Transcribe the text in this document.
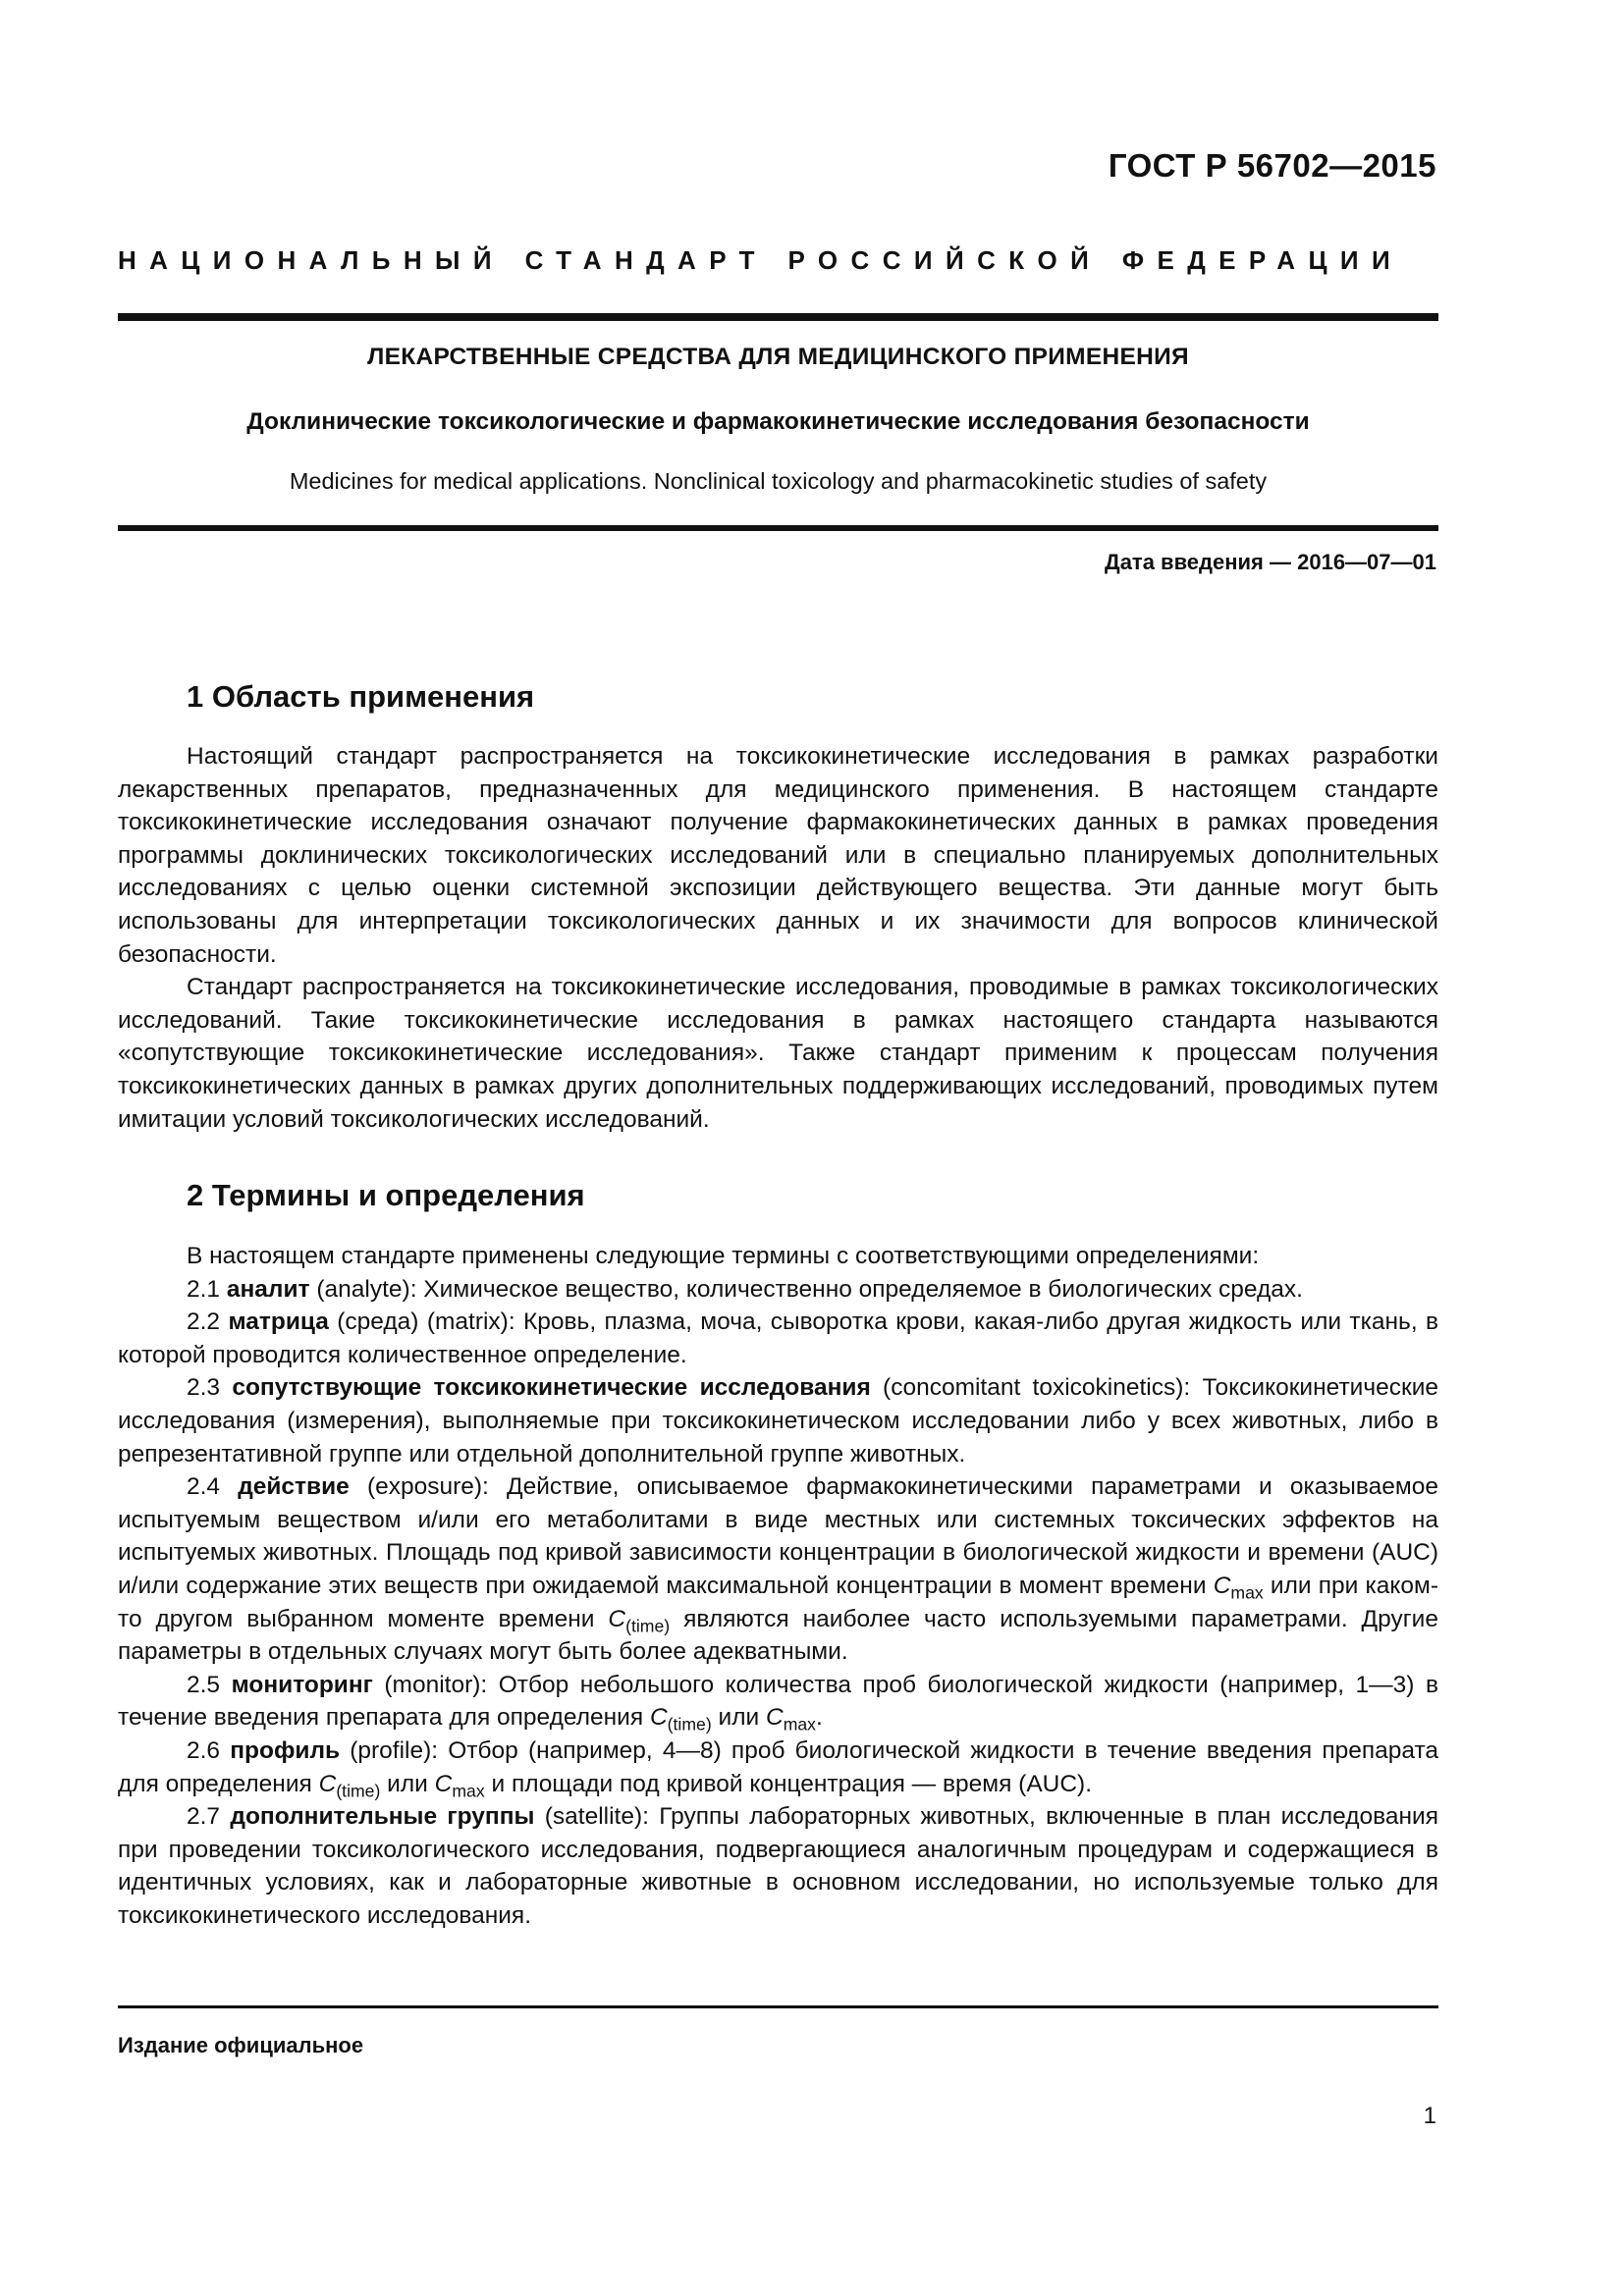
ГОСТ Р 56702—2015
НАЦИОНАЛЬНЫЙ СТАНДАРТ РОССИЙСКОЙ ФЕДЕРАЦИИ
ЛЕКАРСТВЕННЫЕ СРЕДСТВА ДЛЯ МЕДИЦИНСКОГО ПРИМЕНЕНИЯ
Доклинические токсикологические и фармакокинетические исследования безопасности
Medicines for medical applications. Nonclinical toxicology and pharmacokinetic studies of safety
Дата введения — 2016—07—01
1 Область применения

Настоящий стандарт распространяется на токсикокинетические исследования в рамках разработки лекарственных препаратов, предназначенных для медицинского применения. В настоящем стандарте токсикокинетические исследования означают получение фармакокинетических данных в рамках проведения программы доклинических токсикологических исследований или в специально планируемых дополнительных исследованиях с целью оценки системной экспозиции действующего вещества. Эти данные могут быть использованы для интерпретации токсикологических данных и их значимости для вопросов клинической безопасности.

Стандарт распространяется на токсикокинетические исследования, проводимые в рамках токсикологических исследований. Такие токсикокинетические исследования в рамках настоящего стандарта называются «сопутствующие токсикокинетические исследования». Также стандарт применим к процессам получения токсикокинетических данных в рамках других дополнительных поддерживающих исследований, проводимых путем имитации условий токсикологических исследований.

2 Термины и определения

В настоящем стандарте применены следующие термины с соответствующими определениями:

2.1 аналит (analyte): Химическое вещество, количественно определяемое в биологических средах.

2.2 матрица (среда) (matrix): Кровь, плазма, моча, сыворотка крови, какая-либо другая жидкость или ткань, в которой проводится количественное определение.

2.3 сопутствующие токсикокинетические исследования (concomitant toxicokinetics): Токсикокинетические исследования (измерения), выполняемые при токсикокинетическом исследовании либо у всех животных, либо в репрезентативной группе или отдельной дополнительной группе животных.

2.4 действие (exposure): Действие, описываемое фармакокинетическими параметрами и оказываемое испытуемым веществом и/или его метаболитами в виде местных или системных токсических эффектов на испытуемых животных. Площадь под кривой зависимости концентрации в биологической жидкости и времени (AUC) и/или содержание этих веществ при ожидаемой максимальной концентрации в момент времени $C_{max}$ или при каком-то другом выбранном моменте времени $C_{(time)}$ являются наиболее часто используемыми параметрами. Другие параметры в отдельных случаях могут быть более адекватными.

2.5 мониторинг (monitor): Отбор небольшого количества проб биологической жидкости (например, 1—3) в течение введения препарата для определения $C_{(time)}$ или $C_{max}$.

2.6 профиль (profile): Отбор (например, 4—8) проб биологической жидкости в течение введения препарата для определения $C_{(time)}$ или $C_{max}$ и площади под кривой концентрация — время (AUC).

2.7 дополнительные группы (satellite): Группы лабораторных животных, включенные в план исследования при проведении токсикологического исследования, подвергающиеся аналогичным процедурам и содержащиеся в идентичных условиях, как и лабораторные животные в основном исследовании, но используемые только для токсикокинетического исследования.

Издание официальное
1
